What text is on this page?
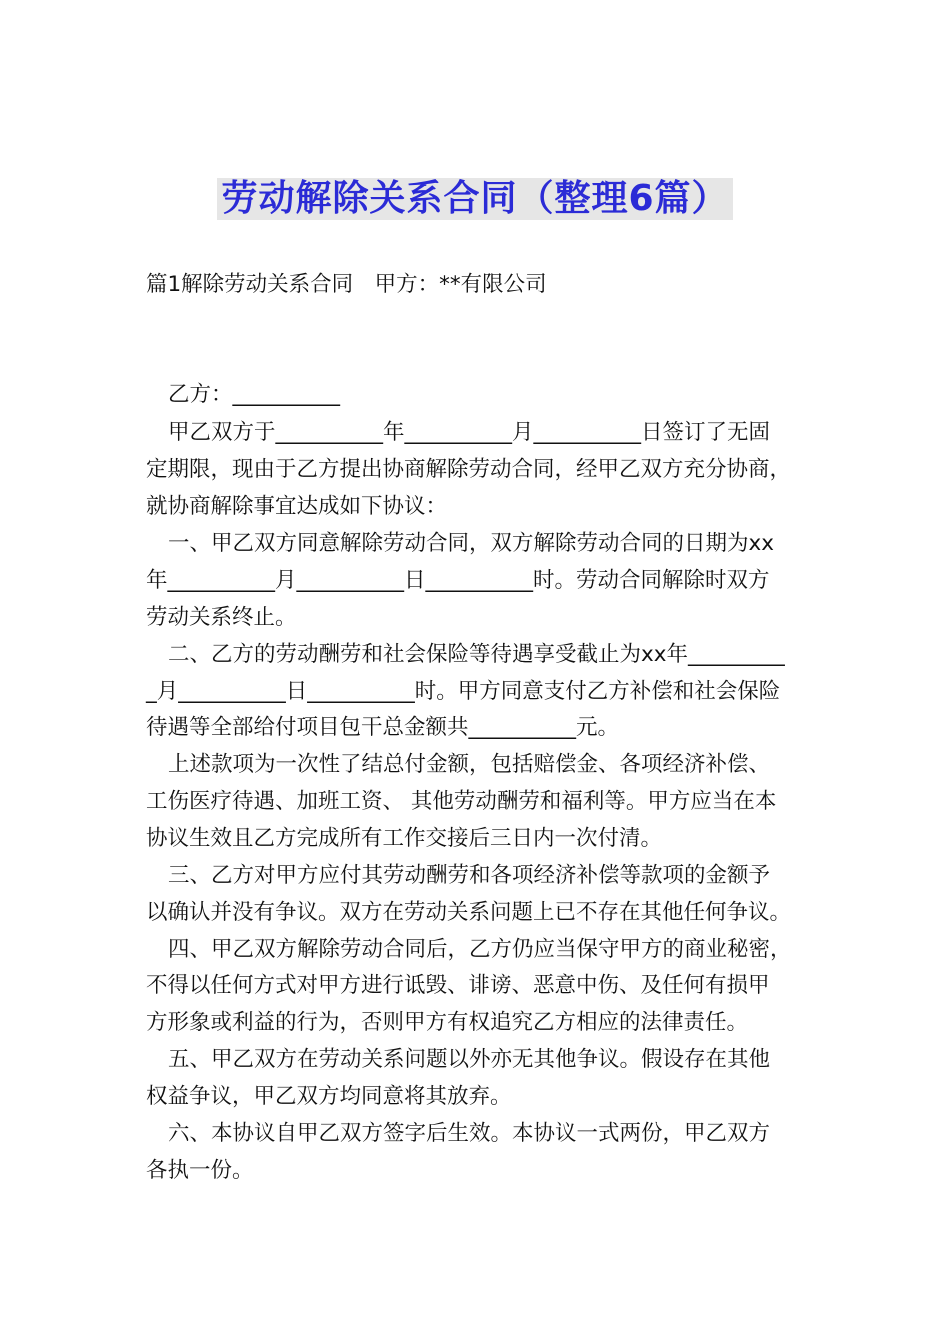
劳动解除关系合同（整理6篇）
篇1解除劳动关系合同　甲方：**有限公司
乙方：__________
甲乙双方于__________年__________月__________日签订了无固
定期限，现由于乙方提出协商解除劳动合同，经甲乙双方充分协商，
就协商解除事宜达成如下协议：
一、甲乙双方同意解除劳动合同，双方解除劳动合同的日期为xx
年__________月__________日__________时。劳动合同解除时双方
劳动关系终止。
二、乙方的劳动酬劳和社会保险等待遇享受截止为xx年_________
_月__________日__________时。甲方同意支付乙方补偿和社会保险
待遇等全部给付项目包干总金额共__________元。
上述款项为一次性了结总付金额，包括赔偿金、各项经济补偿、
工伤医疗待遇、加班工资、 其他劳动酬劳和福利等。甲方应当在本
协议生效且乙方完成所有工作交接后三日内一次付清。
三、乙方对甲方应付其劳动酬劳和各项经济补偿等款项的金额予
以确认并没有争议。双方在劳动关系问题上已不存在其他任何争议。
四、甲乙双方解除劳动合同后，乙方仍应当保守甲方的商业秘密，
不得以任何方式对甲方进行诋毁、诽谤、恶意中伤、及任何有损甲
方形象或利益的行为，否则甲方有权追究乙方相应的法律责任。
五、甲乙双方在劳动关系问题以外亦无其他争议。假设存在其他
权益争议，甲乙双方均同意将其放弃。
六、本协议自甲乙双方签字后生效。本协议一式两份，甲乙双方
各执一份。
